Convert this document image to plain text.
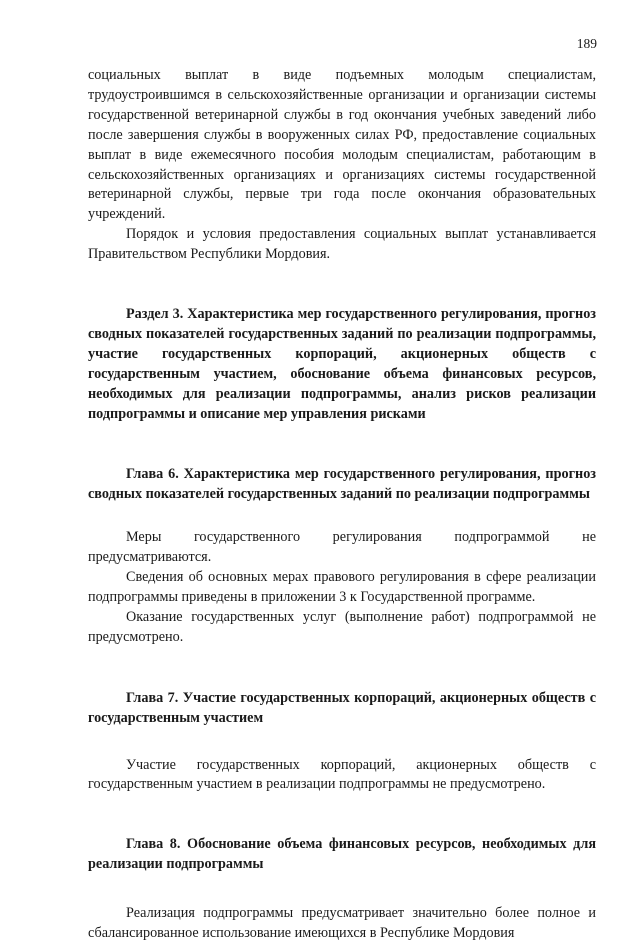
189

социальных выплат в виде подъемных молодым специалистам, трудоустроившимся в сельскохозяйственные организации и организации системы государственной ветеринарной службы в год окончания учебных заведений либо после завершения службы в вооруженных силах РФ, предоставление социальных выплат в виде ежемесячного пособия молодым специалистам, работающим в сельскохозяйственных организациях и организациях системы государственной ветеринарной службы, первые три года после окончания образовательных учреждений.

Порядок и условия предоставления социальных выплат устанавливается Правительством Республики Мордовия.

Раздел 3. Характеристика мер государственного регулирования, прогноз сводных показателей государственных заданий по реализации подпрограммы, участие государственных корпораций, акционерных обществ с государственным участием, обоснование объема финансовых ресурсов, необходимых для реализации подпрограммы, анализ рисков реализации подпрограммы и описание мер управления рисками
Глава 6. Характеристика мер государственного регулирования, прогноз сводных показателей государственных заданий по реализации подпрограммы

Меры государственного регулирования подпрограммой не предусматриваются.

Сведения об основных мерах правового регулирования в сфере реализации подпрограммы приведены в приложении 3 к Государственной программе.

Оказание государственных услуг (выполнение работ) подпрограммой не предусмотрено.

Глава 7. Участие государственных корпораций, акционерных обществ с государственным участием

Участие государственных корпораций, акционерных обществ с государственным участием в реализации подпрограммы не предусмотрено.

Глава 8. Обоснование объема финансовых ресурсов, необходимых для реализации подпрограммы

Реализация подпрограммы предусматривает значительно более полное и сбалансированное использование имеющихся в Республике Мордовия
